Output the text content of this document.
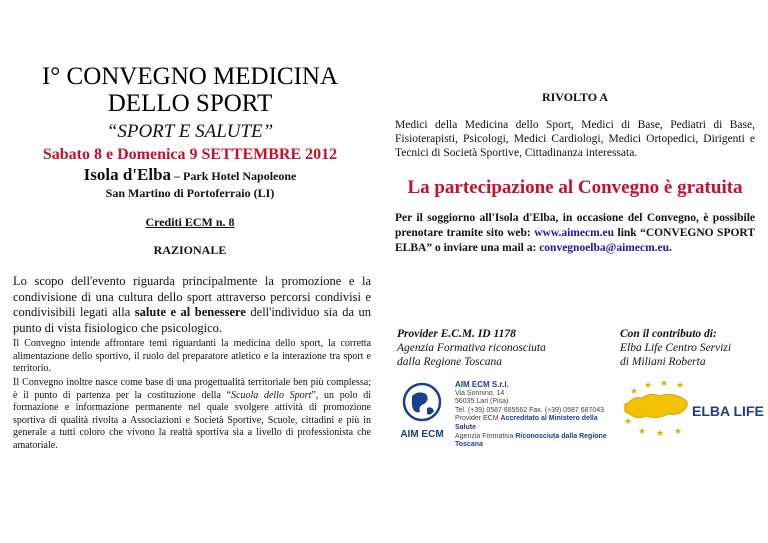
I° CONVEGNO MEDICINA
DELLO SPORT
“SPORT E SALUTE”
Sabato 8 e Domenica 9 SETTEMBRE 2012
Isola d'Elba – Park Hotel Napoleone
San Martino di Portoferraio (LI)
Crediti ECM n. 8
RAZIONALE
Lo scopo dell'evento riguarda principalmente la promozione e la condivisione di una cultura dello sport attraverso percorsi condivisi e condivisibili legati alla salute e al benessere dell'individuo sia da un punto di vista fisiologico che psicologico.
Il Convegno intende affrontare temi riguardanti la medicina dello sport, la corretta alimentazione dello sportivo, il ruolo del preparatore atletico e la interazione tra sport e territorio.
Il Convegno inoltre nasce come base di una progettualità territoriale ben più complessa; è il punto di partenza per la costituzione della “Scuola dello Sport”, un polo di formazione e informazione permanente nel quale svolgere attività di promozione sportiva di qualità rivolta a Associazioni e Società Sportive, Scuole, cittadini e più in generale a tutti coloro che vivono la realtà sportiva sia a livello di professionista che amatoriale.
RIVOLTO A
Medici della Medicina dello Sport, Medici di Base, Pediatri di Base, Fisioterapisti, Psicologi, Medici Cardiologi, Medici Ortopedici, Dirigenti e Tecnici di Società Sportive, Cittadinanza interessata.
La partecipazione al Convegno è gratuita
Per il soggiorno all'Isola d'Elba, in occasione del Convegno, è possibile prenotare tramite sito web: www.aimecm.eu link “CONVEGNO SPORT ELBA” o inviare una mail a: convegnoelba@aimecm.eu.
Provider E.C.M. ID 1178
Agenzia Formativa riconosciuta
dalla Regione Toscana
Con il contributo di:
Elba Life Centro Servizi
di Miliani Roberta
AIM ECM
AIM ECM S.r.l.
Via Sonnino, 14
56035 Lari (Pisa)
Tel. (+39) 0587 685562 Fax. (+39) 0587 687043
Provider ECM Accreditato al Ministero della Salute
Agenzia Formativa Riconosciuta dalla Regione Toscana
★
★ ★ ★
★
★
★ ★ ★
ELBA LIFE
